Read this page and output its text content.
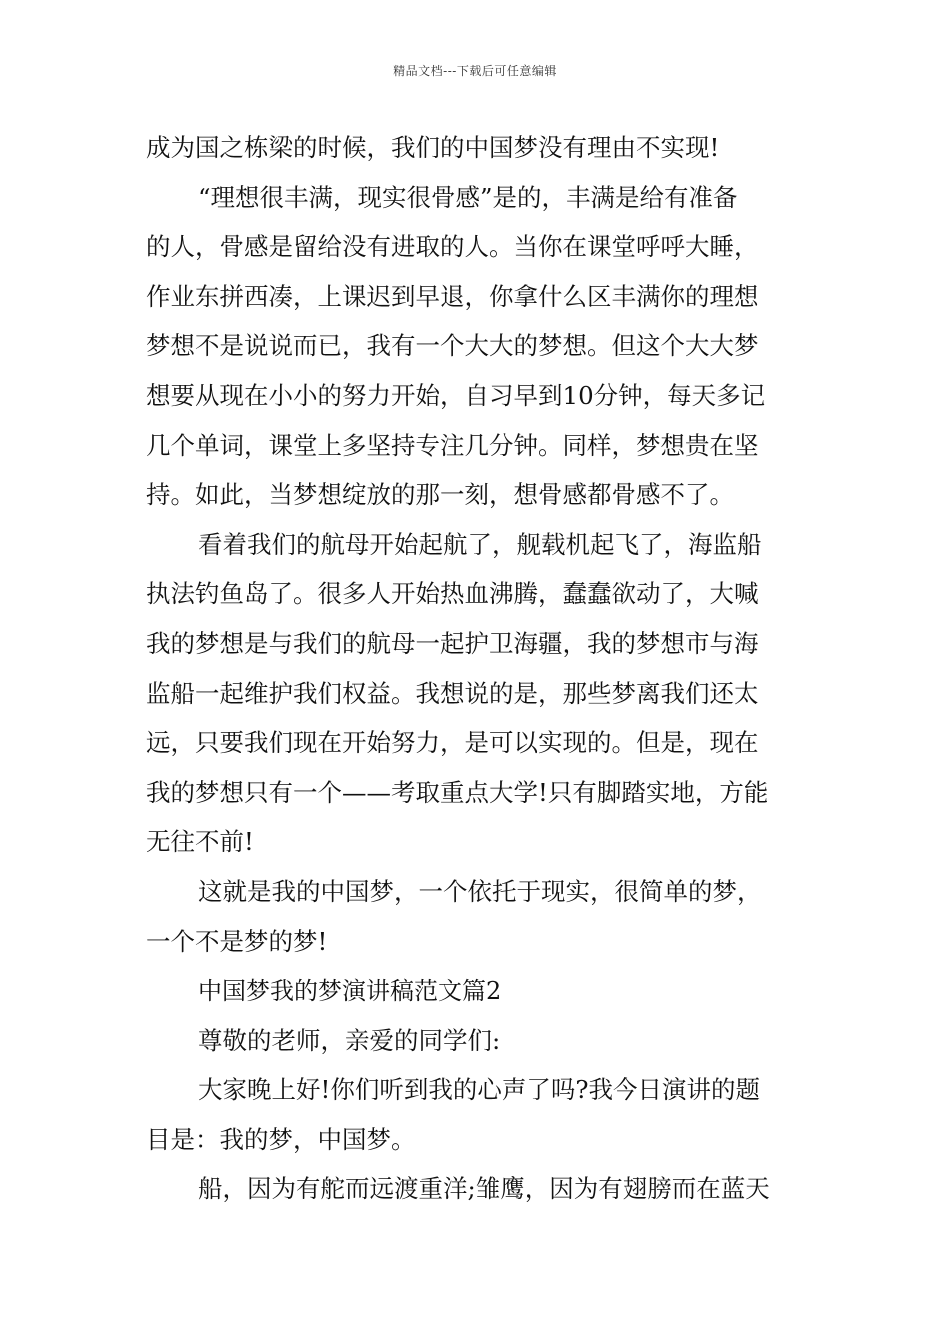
精品文档---下载后可任意编辑
成为国之栋梁的时候，我们的中国梦没有理由不实现!
“理想很丰满，现实很骨感”是的，丰满是给有准备
的人，骨感是留给没有进取的人。当你在课堂呼呼大睡，
作业东拼西凑，上课迟到早退，你拿什么区丰满你的理想
梦想不是说说而已，我有一个大大的梦想。但这个大大梦
想要从现在小小的努力开始，自习早到10分钟，每天多记
几个单词，课堂上多坚持专注几分钟。同样，梦想贵在坚
持。如此，当梦想绽放的那一刻，想骨感都骨感不了。
看着我们的航母开始起航了，舰载机起飞了，海监船
执法钓鱼岛了。很多人开始热血沸腾，蠢蠢欲动了，大喊
我的梦想是与我们的航母一起护卫海疆，我的梦想市与海
监船一起维护我们权益。我想说的是，那些梦离我们还太
远，只要我们现在开始努力，是可以实现的。但是，现在
我的梦想只有一个——考取重点大学!只有脚踏实地，方能
无往不前!
这就是我的中国梦，一个依托于现实，很简单的梦，
一个不是梦的梦!
中国梦我的梦演讲稿范文篇2
尊敬的老师，亲爱的同学们:
大家晚上好!你们听到我的心声了吗?我今日演讲的题
目是：我的梦，中国梦。
船，因为有舵而远渡重洋;雏鹰，因为有翅膀而在蓝天
